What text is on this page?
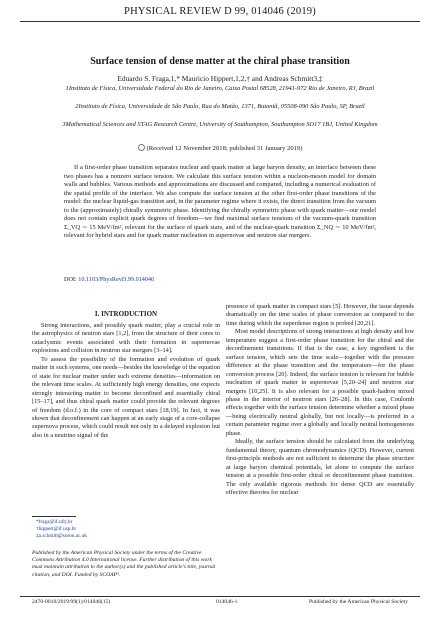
PHYSICAL REVIEW D 99, 014046 (2019)
Surface tension of dense matter at the chiral phase transition
Eduardo S. Fraga,1,* Mauricio Hippert,1,2,† and Andreas Schmitt3,‡
1Instituto de Física, Universidade Federal do Rio de Janeiro, Caixa Postal 68528, 21941-972 Rio de Janeiro, RJ, Brazil
2Instituto de Física, Universidade de São Paulo, Rua do Matão, 1371, Butantã, 05508-090 São Paulo, SP, Brazil
3Mathematical Sciences and STAG Research Centre, University of Southampton, Southampton SO17 1BJ, United Kingdom
(Received 12 November 2018; published 31 January 2019)

If a first-order phase transition separates nuclear and quark matter at large baryon density, an interface between these two phases has a nonzero surface tension. We calculate this surface tension within a nucleon-meson model for domain walls and bubbles. Various methods and approximations are discussed and compared, including a numerical evaluation of the spatial profile of the interface. We also compute the surface tension at the other first-order phase transitions of the model: the nuclear liquid-gas transition and, in the parameter regime where it exists, the direct transition from the vacuum to the (approximately) chirally symmetric phase. Identifying the chirally symmetric phase with quark matter—our model does not contain explicit quark degrees of freedom—we find maximal surface tensions of the vacuum-quark transition Σ_VQ ∼ 15 MeV/fm², relevant for the surface of quark stars, and of the nuclear-quark transition Σ_NQ ∼ 10 MeV/fm², relevant for hybrid stars and for quark matter nucleation in supernovae and neutron star mergers.

DOI: 10.1103/PhysRevD.99.014046
I. INTRODUCTION

Strong interactions, and possibly quark matter, play a crucial role in the astrophysics of neutron stars [1,2], from the structure of their cores to cataclysmic events associated with their formation in supernovae explosions and collision in neutron star mergers [3–14].

To assess the possibility of the formation and evolution of quark matter in such systems, one needs—besides the knowledge of the equation of state for nuclear matter under such extreme densities—information on the relevant time scales. At sufficiently high energy densities, one expects strongly interacting matter to become deconfined and essentially chiral [15–17], and thus chiral quark matter could provide the relevant degrees of freedom (d.o.f.) in the core of compact stars [18,19]. In fact, it was shown that deconfinement can happen at an early stage of a core-collapse supernova process, which could result not only in a delayed explosion but also in a neutrino signal of the

presence of quark matter in compact stars [5]. However, the issue depends dramatically on the time scales of phase conversion as compared to the time during which the superdense region is probed [20,21].

Most model descriptions of strong interactions at high density and low temperature suggest a first-order phase transition for the chiral and the deconfinement transitions. If that is the case, a key ingredient is the surface tension, which sets the time scale—together with the pressure difference at the phase transition and the temperature—for the phase conversion process [20]. Indeed, the surface tension is relevant for bubble nucleation of quark matter in supernovae [5,20–24] and neutron star mergers [10,25]. It is also relevant for a possible quark-hadron mixed phase in the interior of neutron stars [26–28]. In this case, Coulomb effects together with the surface tension determine whether a mixed phase—being electrically neutral globally, but not locally—is preferred in a certain parameter regime over a globally and locally neutral homogeneous phase.

Ideally, the surface tension should be calculated from the underlying fundamental theory, quantum chromodynamics (QCD). However, current first-principle methods are not sufficient to determine the phase structure at large baryon chemical potentials, let alone to compute the surface tension at a possible first-order chiral or deconfinement phase transition. The only available rigorous methods for dense QCD are essentially effective theories for nuclear

*fraga@if.ufrj.br
†hippert@if.usp.br
‡a.schmitt@soton.ac.uk
Published by the American Physical Society under the terms of the Creative Commons Attribution 4.0 International license. Further distribution of this work must maintain attribution to the author(s) and the published article's title, journal citation, and DOI. Funded by SCOAP³.
2470-0010/2019/99(1)/014046(15)	014046-1	Published by the American Physical Society
